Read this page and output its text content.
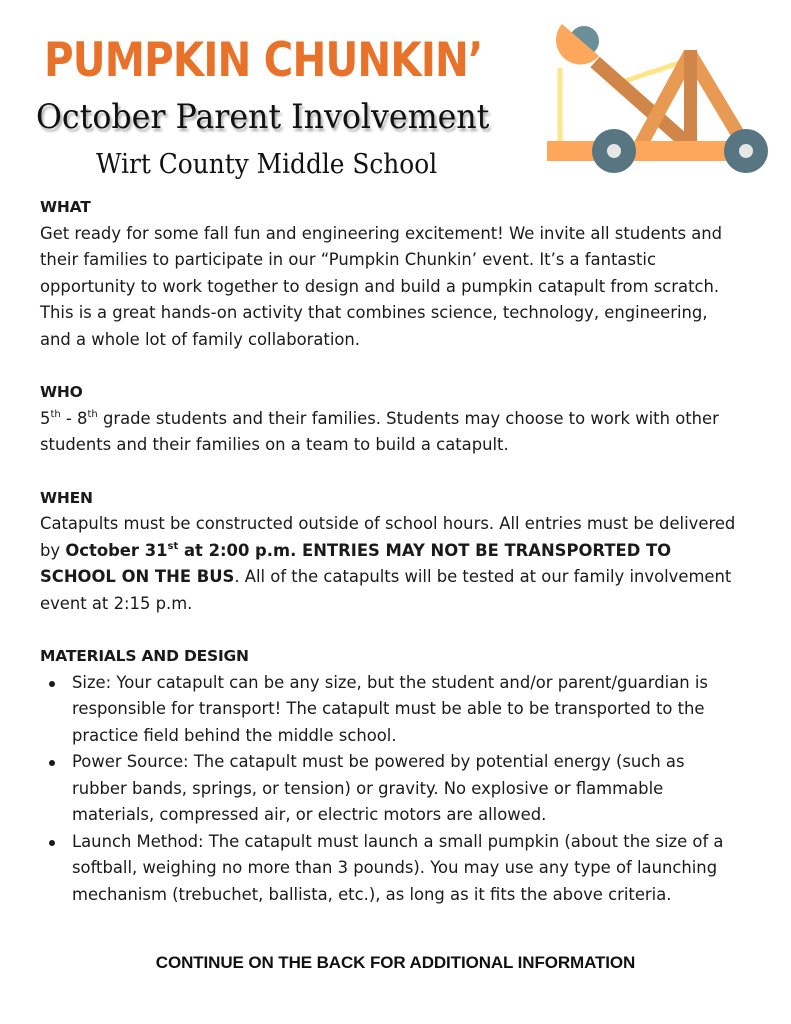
PUMPKIN CHUNKIN’
October Parent Involvement
Wirt County Middle School
WHAT

Get ready for some fall fun and engineering excitement! We invite all students and their families to participate in our “Pumpkin Chunkin’ event. It’s a fantastic opportunity to work together to design and build a pumpkin catapult from scratch. This is a great hands-on activity that combines science, technology, engineering, and a whole lot of family collaboration.

WHO

5th - 8th grade students and their families. Students may choose to work with other students and their families on a team to build a catapult.

WHEN

Catapults must be constructed outside of school hours. All entries must be delivered by October 31st at 2:00 p.m. ENTRIES MAY NOT BE TRANSPORTED TO SCHOOL ON THE BUS. All of the catapults will be tested at our family involvement event at 2:15 p.m.

MATERIALS AND DESIGN
Size: Your catapult can be any size, but the student and/or parent/guardian is responsible for transport! The catapult must be able to be transported to the practice field behind the middle school.
Power Source: The catapult must be powered by potential energy (such as rubber bands, springs, or tension) or gravity. No explosive or flammable materials, compressed air, or electric motors are allowed.
Launch Method: The catapult must launch a small pumpkin (about the size of a softball, weighing no more than 3 pounds). You may use any type of launching mechanism (trebuchet, ballista, etc.), as long as it fits the above criteria.
CONTINUE ON THE BACK FOR ADDITIONAL INFORMATION
